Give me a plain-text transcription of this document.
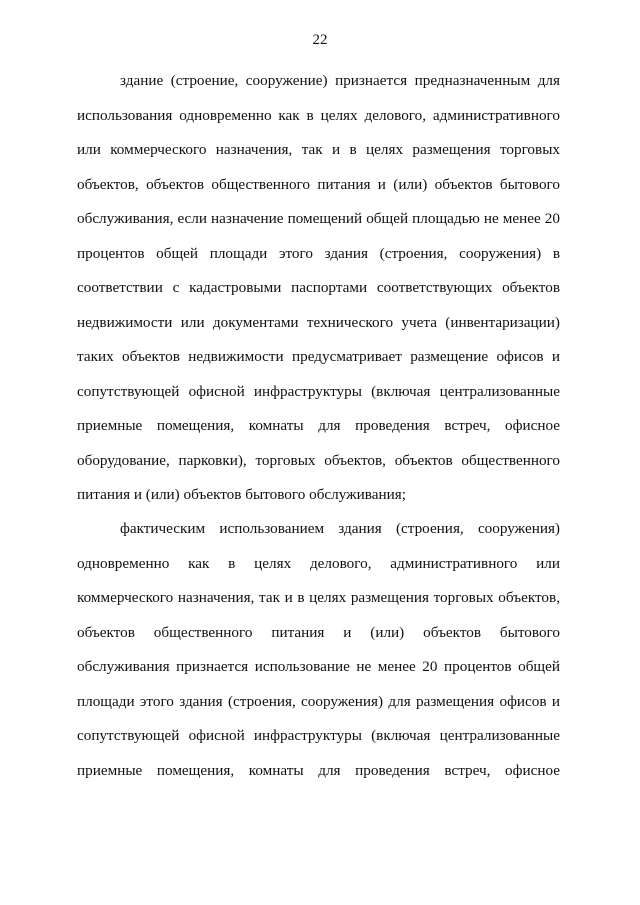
22
здание (строение, сооружение) признается предназначенным для
использования одновременно как в целях делового, административного
или коммерческого назначения, так и в целях размещения торговых
объектов, объектов общественного питания и (или) объектов бытового
обслуживания, если назначение помещений общей площадью не менее 20
процентов общей площади этого здания (строения, сооружения) в
соответствии с кадастровыми паспортами соответствующих объектов
недвижимости или документами технического учета (инвентаризации)
таких объектов недвижимости предусматривает размещение офисов и
сопутствующей офисной инфраструктуры (включая централизованные
приемные помещения, комнаты для проведения встреч, офисное
оборудование, парковки), торговых объектов, объектов общественного
питания и (или) объектов бытового обслуживания;
фактическим использованием здания (строения, сооружения)
одновременно как в целях делового, административного или
коммерческого назначения, так и в целях размещения торговых объектов,
объектов общественного питания и (или) объектов бытового
обслуживания признается использование не менее 20 процентов общей
площади этого здания (строения, сооружения) для размещения офисов и
сопутствующей офисной инфраструктуры (включая централизованные
приемные помещения, комнаты для проведения встреч, офисное
